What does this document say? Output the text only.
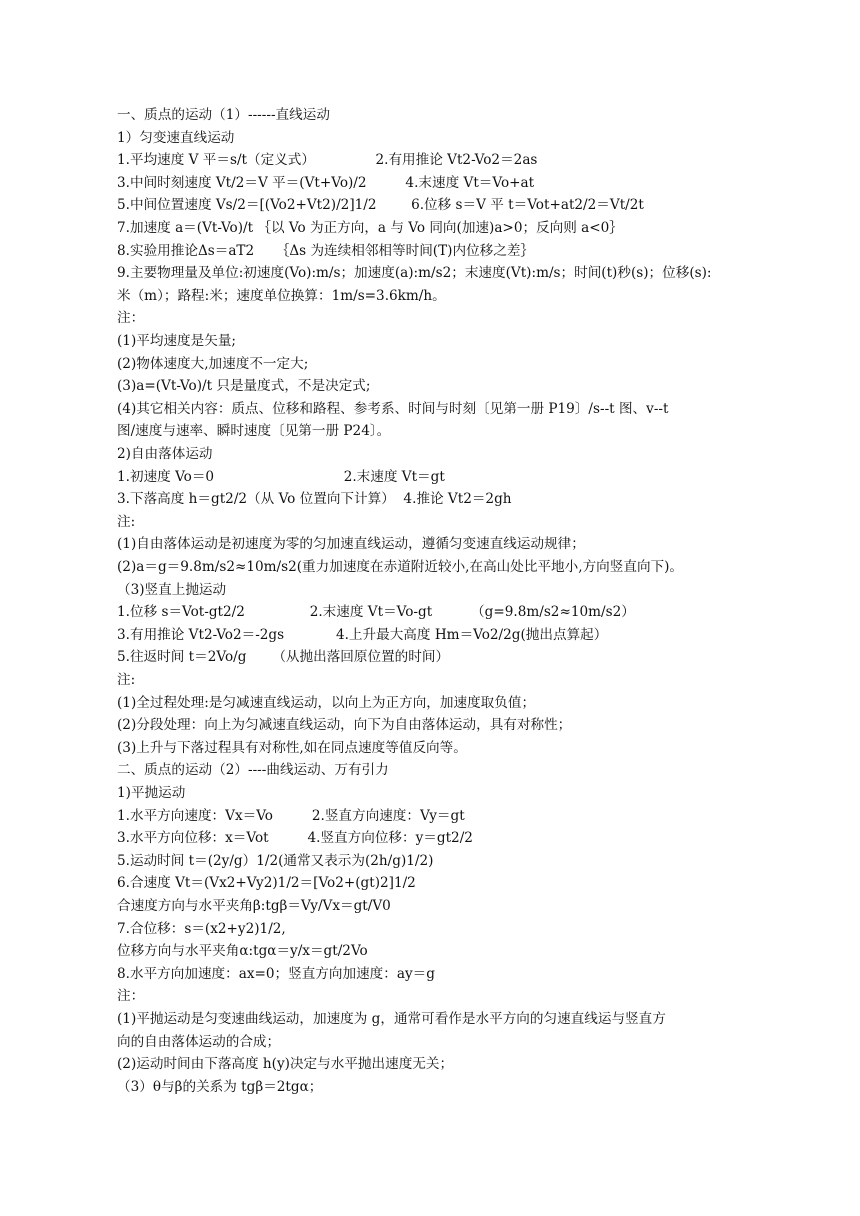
一、质点的运动（1）------直线运动
1）匀变速直线运动
1.平均速度 V 平＝s/t（定义式）              2.有用推论 Vt2-Vo2＝2as
3.中间时刻速度 Vt/2＝V 平＝(Vt+Vo)/2         4.末速度 Vt＝Vo+at
5.中间位置速度 Vs/2＝[(Vo2+Vt2)/2]1/2        6.位移 s＝V 平 t＝Vot+at2/2＝Vt/2t
7.加速度 a＝(Vt-Vo)/t ｛以 Vo 为正方向，a 与 Vo 同向(加速)a>0；反向则 a<0｝
8.实验用推论Δs＝aT2     ｛Δs 为连续相邻相等时间(T)内位移之差｝
9.主要物理量及单位:初速度(Vo):m/s；加速度(a):m/s2；末速度(Vt):m/s；时间(t)秒(s)；位移(s):
米（m）；路程:米；速度单位换算：1m/s=3.6km/h。
注：
(1)平均速度是矢量;
(2)物体速度大,加速度不一定大;
(3)a=(Vt-Vo)/t 只是量度式，不是决定式;
(4)其它相关内容：质点、位移和路程、参考系、时间与时刻〔见第一册 P19〕/s--t 图、v--t
图/速度与速率、瞬时速度〔见第一册 P24〕。
2)自由落体运动
1.初速度 Vo＝0                              2.末速度 Vt＝gt
3.下落高度 h＝gt2/2（从 Vo 位置向下计算）  4.推论 Vt2＝2gh
注:
(1)自由落体运动是初速度为零的匀加速直线运动，遵循匀变速直线运动规律；
(2)a＝g＝9.8m/s2≈10m/s2(重力加速度在赤道附近较小,在高山处比平地小,方向竖直向下)。
（3)竖直上抛运动
1.位移 s＝Vot-gt2/2               2.末速度 Vt＝Vo-gt         （g=9.8m/s2≈10m/s2）
3.有用推论 Vt2-Vo2＝-2gs            4.上升最大高度 Hm＝Vo2/2g(抛出点算起）
5.往返时间 t＝2Vo/g      （从抛出落回原位置的时间）
注:
(1)全过程处理:是匀减速直线运动，以向上为正方向，加速度取负值；
(2)分段处理：向上为匀减速直线运动，向下为自由落体运动，具有对称性；
(3)上升与下落过程具有对称性,如在同点速度等值反向等。
二、质点的运动（2）----曲线运动、万有引力
1)平抛运动
1.水平方向速度：Vx＝Vo         2.竖直方向速度：Vy＝gt
3.水平方向位移：x＝Vot         4.竖直方向位移：y＝gt2/2
5.运动时间 t＝(2y/g）1/2(通常又表示为(2h/g)1/2)
6.合速度 Vt＝(Vx2+Vy2)1/2＝[Vo2+(gt)2]1/2
合速度方向与水平夹角β:tgβ＝Vy/Vx＝gt/V0
7.合位移：s＝(x2+y2)1/2,
位移方向与水平夹角α:tgα＝y/x＝gt/2Vo
8.水平方向加速度：ax=0；竖直方向加速度：ay＝g
注：
(1)平抛运动是匀变速曲线运动，加速度为 g，通常可看作是水平方向的匀速直线运与竖直方
向的自由落体运动的合成；
(2)运动时间由下落高度 h(y)决定与水平抛出速度无关；
（3）θ与β的关系为 tgβ＝2tgα；
